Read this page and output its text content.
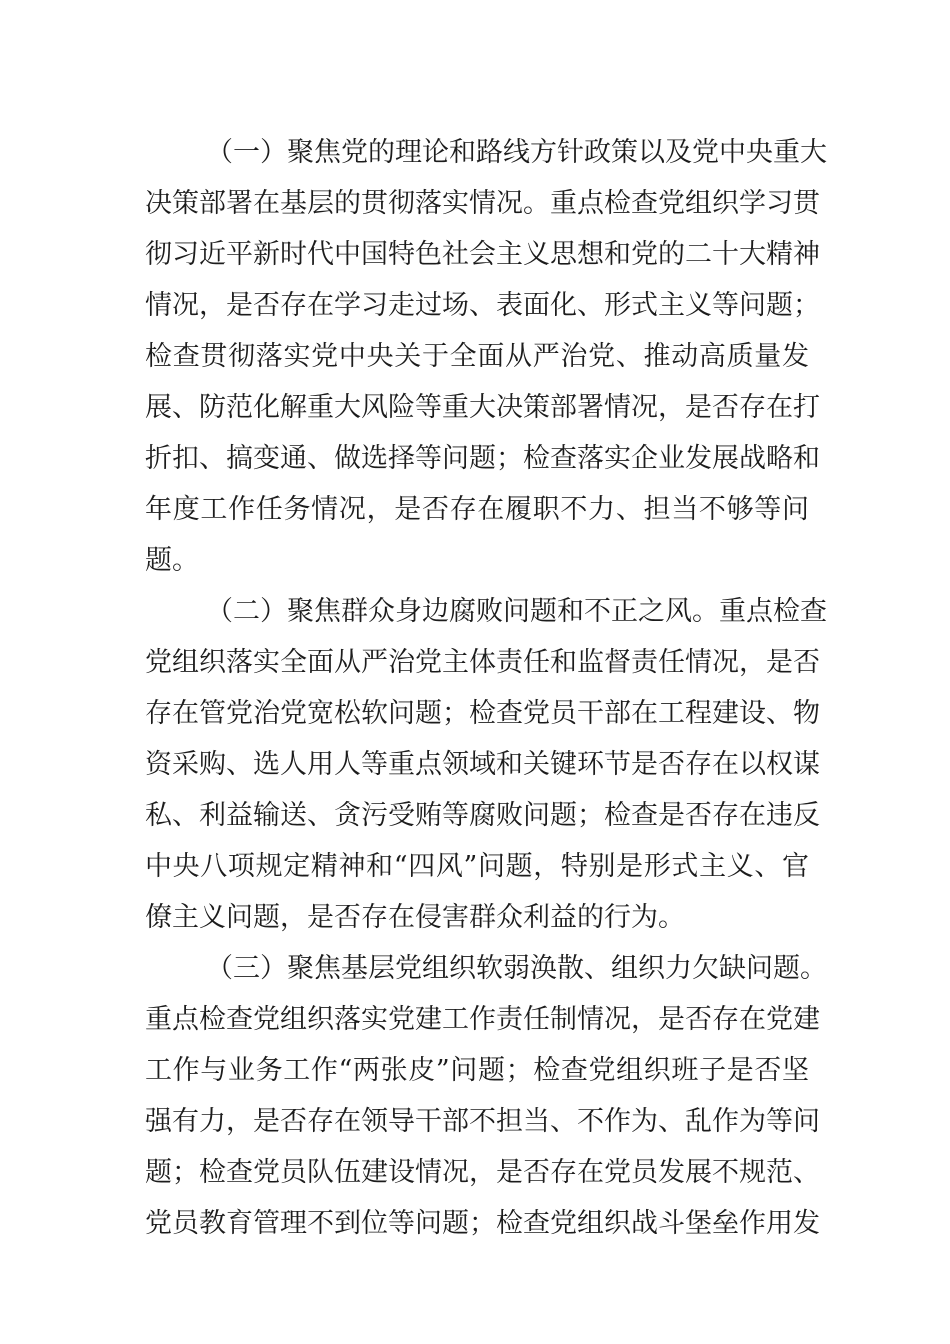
（一）聚焦党的理论和路线方针政策以及党中央重大
决策部署在基层的贯彻落实情况。重点检查党组织学习贯
彻习近平新时代中国特色社会主义思想和党的二十大精神
情况，是否存在学习走过场、表面化、形式主义等问题；
检查贯彻落实党中央关于全面从严治党、推动高质量发
展、防范化解重大风险等重大决策部署情况，是否存在打
折扣、搞变通、做选择等问题；检查落实企业发展战略和
年度工作任务情况，是否存在履职不力、担当不够等问
题。
（二）聚焦群众身边腐败问题和不正之风。重点检查
党组织落实全面从严治党主体责任和监督责任情况，是否
存在管党治党宽松软问题；检查党员干部在工程建设、物
资采购、选人用人等重点领域和关键环节是否存在以权谋
私、利益输送、贪污受贿等腐败问题；检查是否存在违反
中央八项规定精神和“四风”问题，特别是形式主义、官
僚主义问题，是否存在侵害群众利益的行为。
（三）聚焦基层党组织软弱涣散、组织力欠缺问题。
重点检查党组织落实党建工作责任制情况，是否存在党建
工作与业务工作“两张皮”问题；检查党组织班子是否坚
强有力，是否存在领导干部不担当、不作为、乱作为等问
题；检查党员队伍建设情况，是否存在党员发展不规范、
党员教育管理不到位等问题；检查党组织战斗堡垒作用发
